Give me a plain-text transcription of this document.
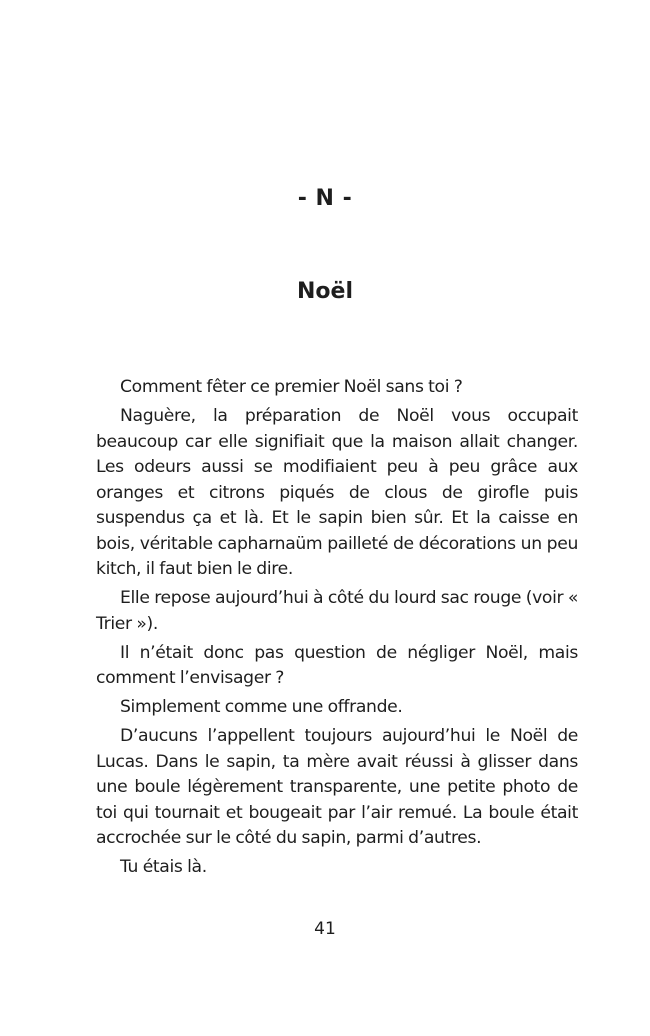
- N -
Noël

Comment fêter ce premier Noël sans toi ?

Naguère, la préparation de Noël vous occupait beaucoup car elle signifiait que la maison allait changer. Les odeurs aussi se modifiaient peu à peu grâce aux oranges et citrons piqués de clous de girofle puis suspendus ça et là. Et le sapin bien sûr. Et la caisse en bois, véritable capharnaüm pailleté de décorations un peu kitch, il faut bien le dire.

Elle repose aujourd’hui à côté du lourd sac rouge (voir « Trier »).

Il n’était donc pas question de négliger Noël, mais comment l’envisager ?

Simplement comme une offrande.

D’aucuns l’appellent toujours aujourd’hui le Noël de Lucas. Dans le sapin, ta mère avait réussi à glisser dans une boule légèrement transparente, une petite photo de toi qui tournait et bougeait par l’air remué. La boule était accrochée sur le côté du sapin, parmi d’autres.

Tu étais là.

41
